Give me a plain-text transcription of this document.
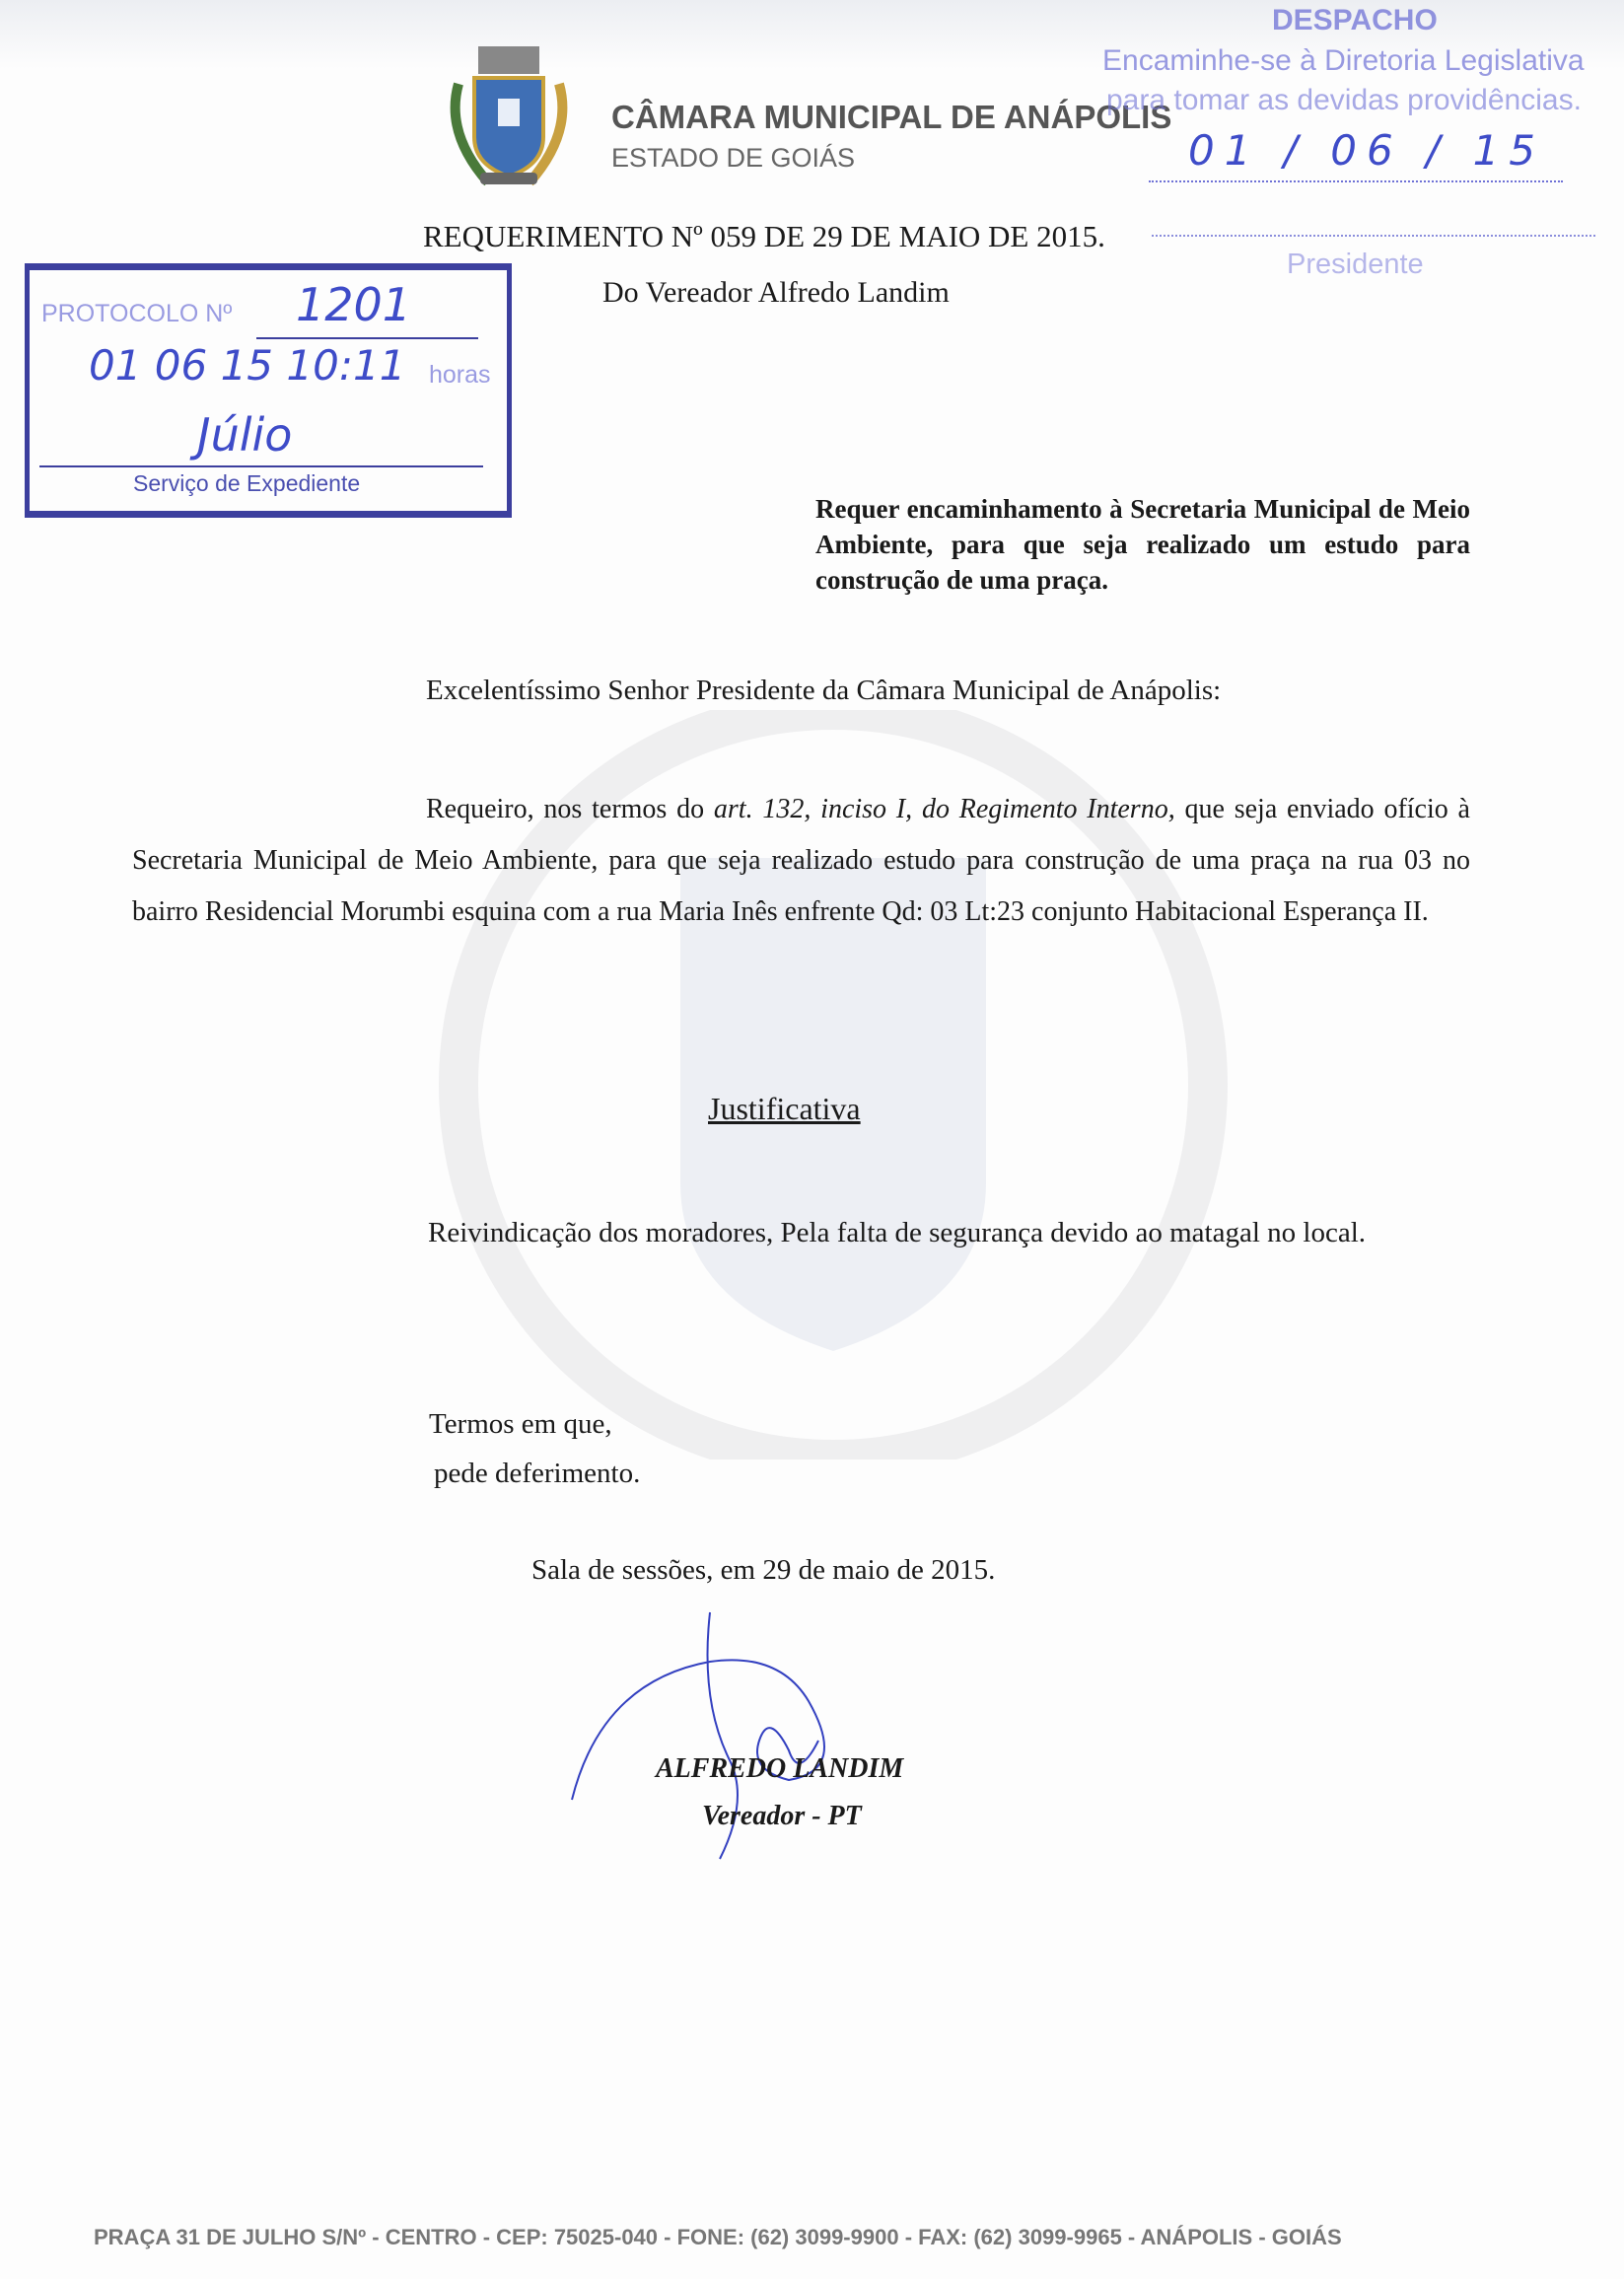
CÂMARA MUNICIPAL DE ANÁPOLIS
ESTADO DE GOIÁS
DESPACHO
Encaminhe-se à Diretoria Legislativa
para tomar as devidas providências.
01 / 06 / 15
Presidente
REQUERIMENTO Nº 059 DE 29 DE MAIO DE 2015.
Do Vereador Alfredo Landim
PROTOCOLO Nº 1201
01 06 15 10:11 horas
Júlio
Serviço de Expediente
Requer encaminhamento à Secretaria Municipal de Meio Ambiente, para que seja realizado um estudo para construção de uma praça.
Excelentíssimo Senhor Presidente da Câmara Municipal de Anápolis:
Requeiro, nos termos do art. 132, inciso I, do Regimento Interno, que seja enviado ofício à Secretaria Municipal de Meio Ambiente, para que seja realizado estudo para construção de uma praça na rua 03 no bairro Residencial Morumbi esquina com a rua Maria Inês enfrente Qd: 03 Lt:23 conjunto Habitacional Esperança II.
Justificativa
Reivindicação dos moradores, Pela falta de segurança devido ao matagal no local.
Termos em que,
pede deferimento.
Sala de sessões, em 29 de maio de 2015.
ALFREDO LANDIM
Vereador - PT
PRAÇA 31 DE JULHO S/Nº - CENTRO - CEP: 75025-040 - FONE: (62) 3099-9900 - FAX: (62) 3099-9965 - ANÁPOLIS - GOIÁS
